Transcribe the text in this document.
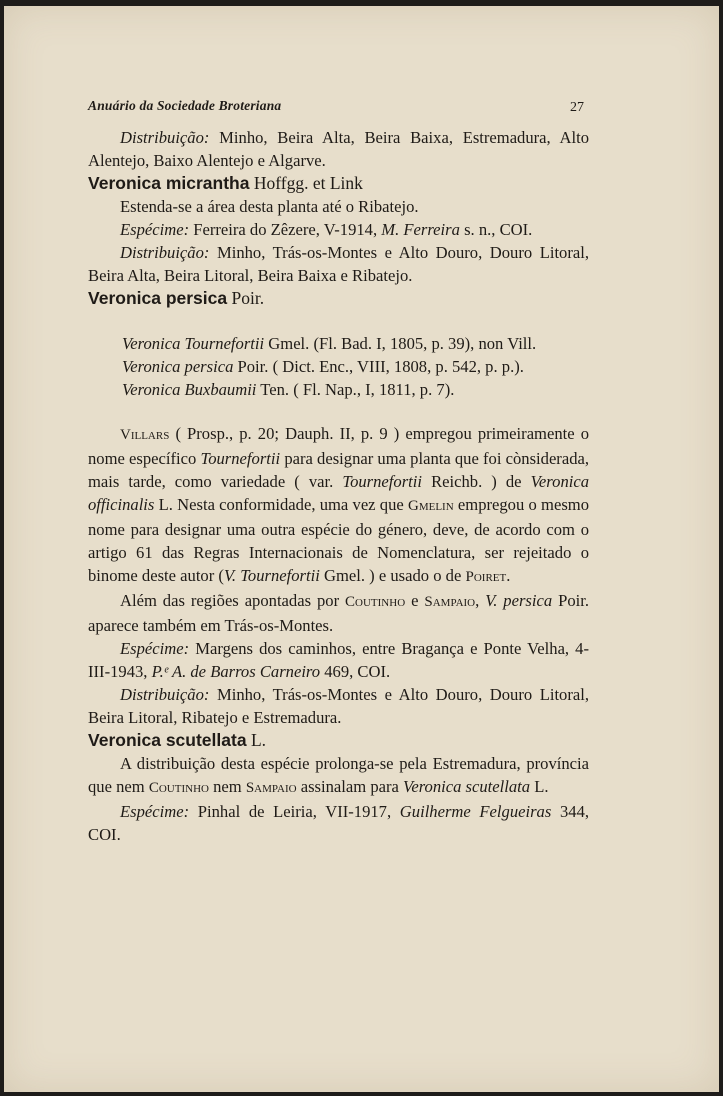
Anuário da Sociedade Broteriana	27

Distribuição: Minho, Beira Alta, Beira Baixa, Estremadura, Alto Alentejo, Baixo Alentejo e Algarve.

Veronica micrantha Hoffgg. et Link

Estenda-se a área desta planta até o Ribatejo.

Espécime: Ferreira do Zêzere, V-1914, M. Ferreira s. n., COI.

Distribuição: Minho, Trás-os-Montes e Alto Douro, Douro Litoral, Beira Alta, Beira Litoral, Beira Baixa e Ribatejo.

Veronica persica Poir.

Veronica Tournefortii Gmel. (Fl. Bad. I, 1805, p. 39), non Vill.

Veronica persica Poir. ( Dict. Enc., VIII, 1808, p. 542, p. p.).

Veronica Buxbaumii Ten. ( Fl. Nap., I, 1811, p. 7).

Villars ( Prosp., p. 20; Dauph. II, p. 9 ) empregou primeiramente o nome específico Tournefortii para designar uma planta que foi cònsiderada, mais tarde, como variedade ( var. Tournefortii Reichb. ) de Veronica officinalis L. Nesta conformidade, uma vez que Gmelin empregou o mesmo nome para designar uma outra espécie do género, deve, de acordo com o artigo 61 das Regras Internacionais de Nomenclatura, ser rejeitado o binome deste autor (V. Tournefortii Gmel. ) e usado o de Poiret.

Além das regiões apontadas por Coutinho e Sampaio, V. persica Poir. aparece também em Trás-os-Montes.

Espécime: Margens dos caminhos, entre Bragança e Ponte Velha, 4-III-1943, P.ᵉ A. de Barros Carneiro 469, COI.

Distribuição: Minho, Trás-os-Montes e Alto Douro, Douro Litoral, Beira Litoral, Ribatejo e Estremadura.

Veronica scutellata L.

A distribuição desta espécie prolonga-se pela Estremadura, província que nem Coutinho nem Sampaio assinalam para Veronica scutellata L.

Espécime: Pinhal de Leiria, VII-1917, Guilherme Felgueiras 344, COI.
